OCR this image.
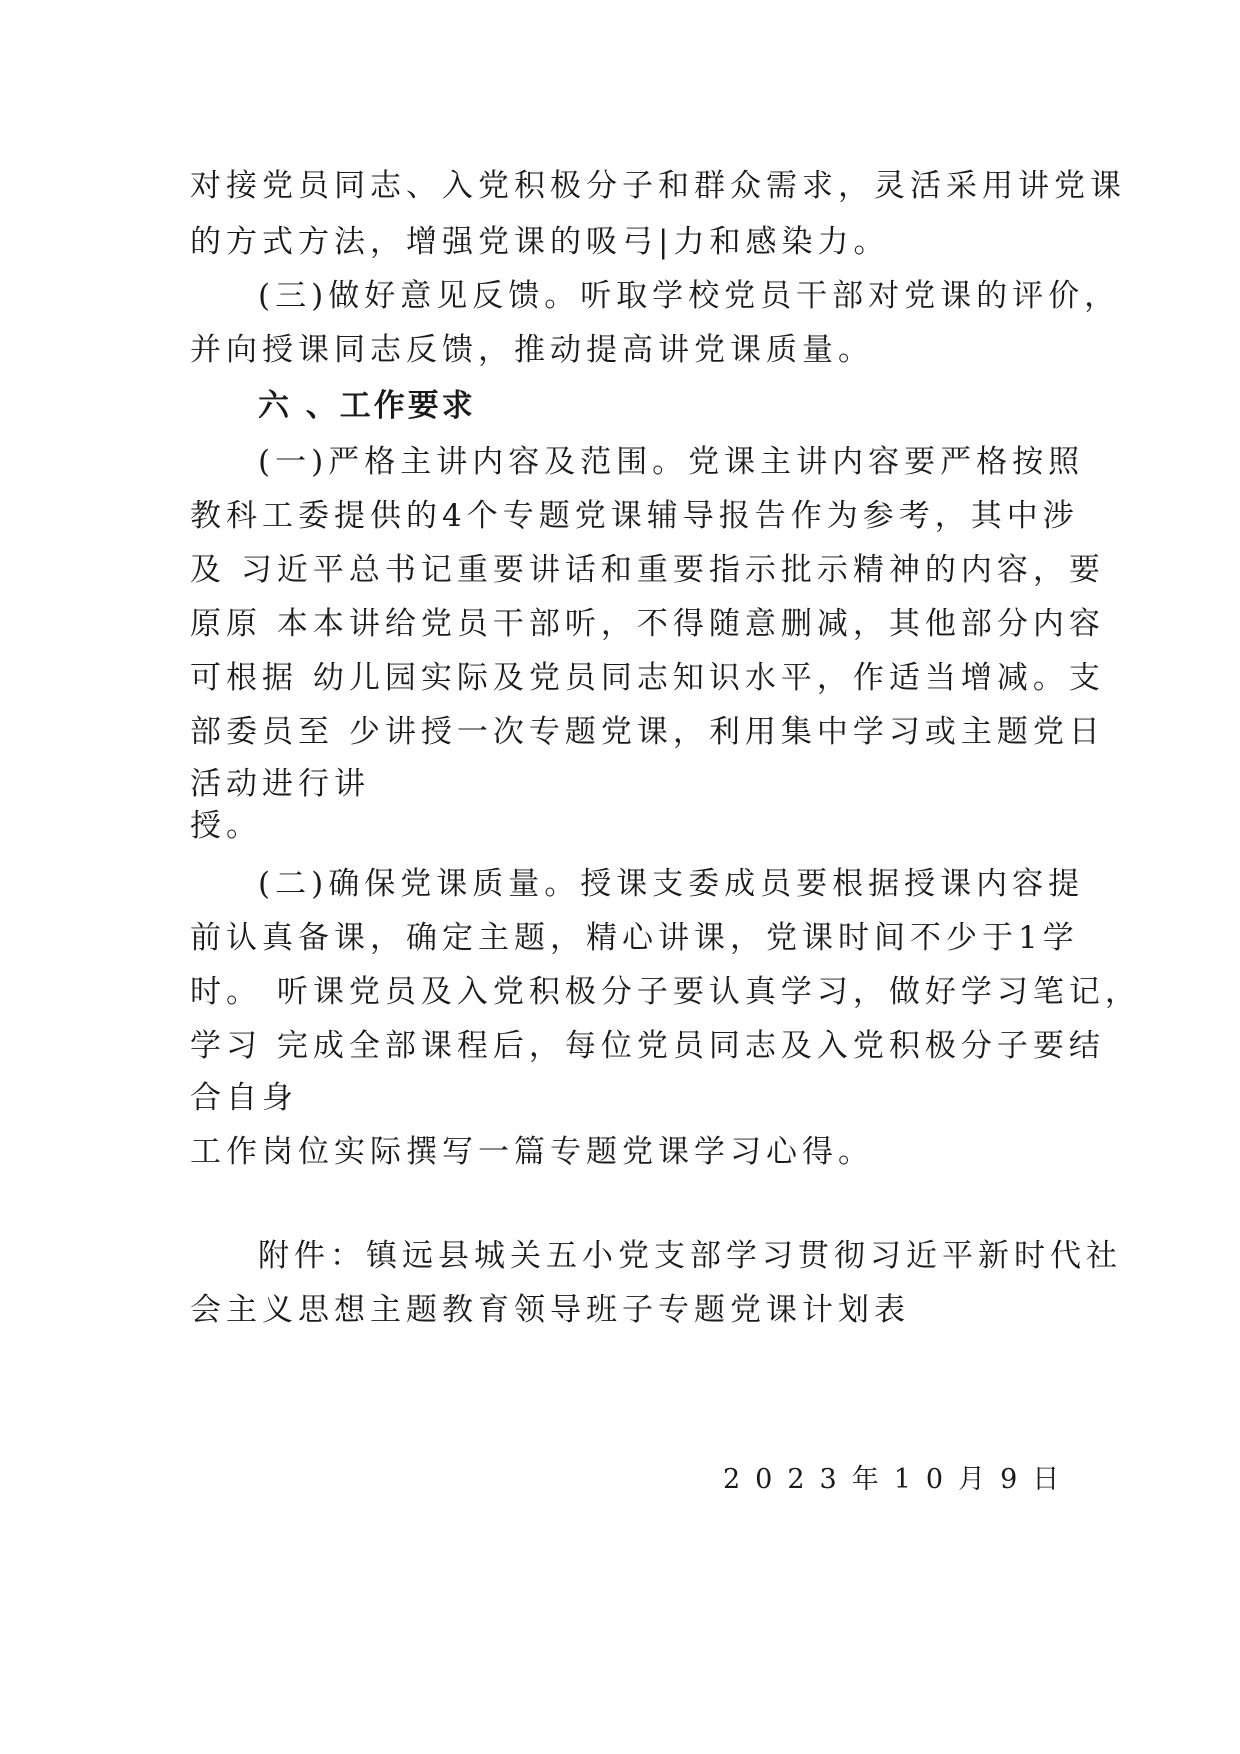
对接党员同志、入党积极分子和群众需求，灵活采用讲党课
的方式方法，增强党课的吸弓|力和感染力。
(三)做好意见反馈。听取学校党员干部对党课的评价，
并向授课同志反馈，推动提高讲党课质量。
六 、工作要求
(一)严格主讲内容及范围。党课主讲内容要严格按照
教科工委提供的4个专题党课辅导报告作为参考，其中涉
及 习近平总书记重要讲话和重要指示批示精神的内容，要
原原 本本讲给党员干部听，不得随意删减，其他部分内容
可根据 幼儿园实际及党员同志知识水平，作适当增减。支
部委员至 少讲授一次专题党课，利用集中学习或主题党日
活动进行讲
授。
(二)确保党课质量。授课支委成员要根据授课内容提
前认真备课，确定主题，精心讲课，党课时间不少于1学
时。 听课党员及入党积极分子要认真学习，做好学习笔记，
学习 完成全部课程后，每位党员同志及入党积极分子要结
合自身
工作岗位实际撰写一篇专题党课学习心得。
附件：镇远县城关五小党支部学习贯彻习近平新时代社
会主义思想主题教育领导班子专题党课计划表
2023年10月9日
